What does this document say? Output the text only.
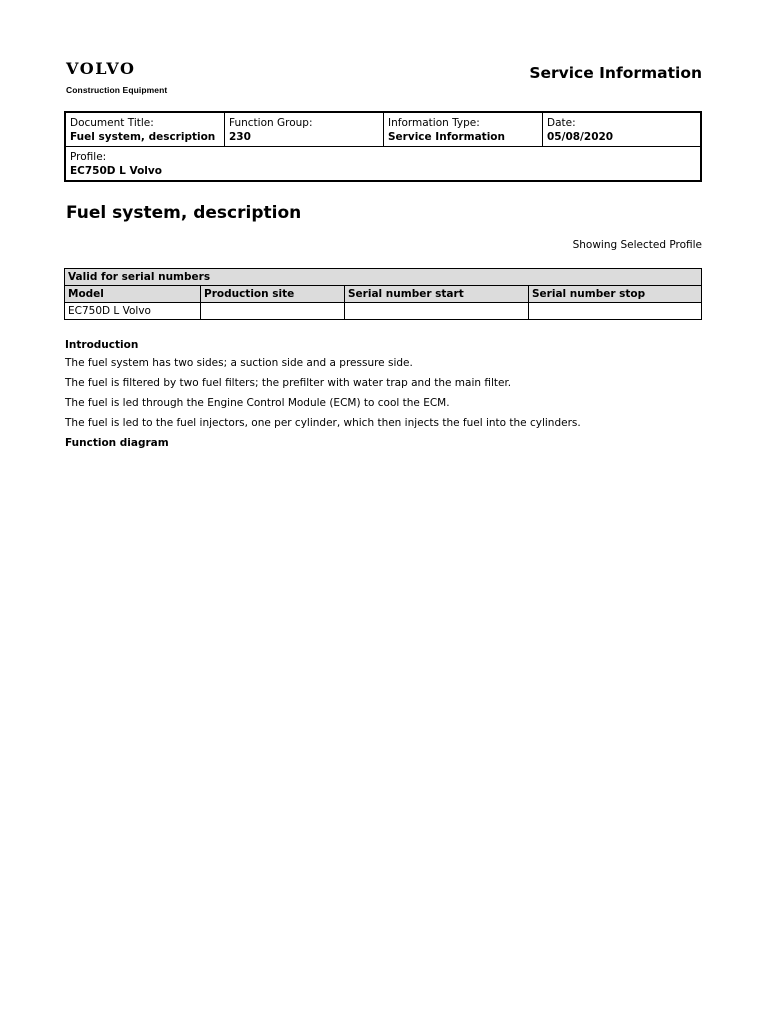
VOLVO
Construction Equipment
Service Information
Document Title:
Fuel system, description

Function Group:
230

Information Type:
Service Information

Date:
05/08/2020

Profile:
EC750D L Volvo
Fuel system, description
Showing Selected Profile
Valid for serial numbers			
Model	Production site	Serial number start	Serial number stop
EC750D L Volvo			
Introduction
The fuel system has two sides; a suction side and a pressure side.
The fuel is filtered by two fuel filters; the prefilter with water trap and the main filter.
The fuel is led through the Engine Control Module (ECM) to cool the ECM.
The fuel is led to the fuel injectors, one per cylinder, which then injects the fuel into the cylinders.
Function diagram
